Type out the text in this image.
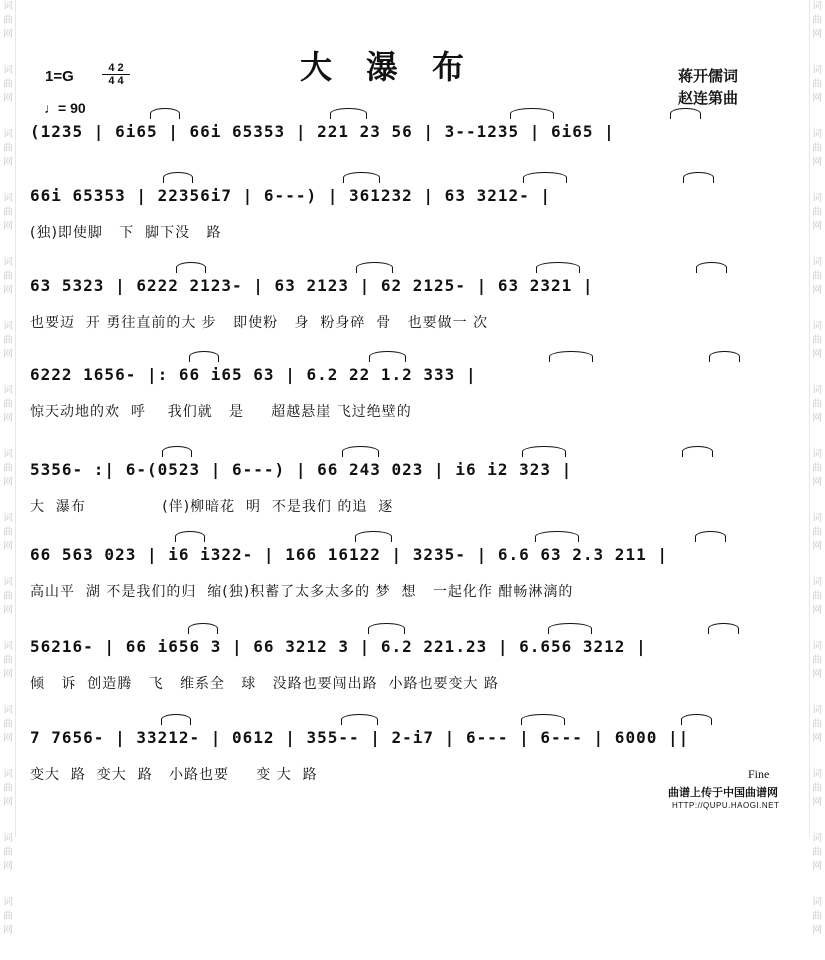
词
曲
网
词
曲
网
词
曲
网
词
曲
网
词
曲
网
词
曲
网
词
曲
网
词
曲
网
词
曲
网
词
曲
网
词
曲
网
词
曲
网
词
曲
网
词
曲
网
词
曲
网
词
曲
网
词
曲
网
词
曲
网
词
曲
网
词
曲
网
词
曲
网
词
曲
网
词
曲
网
词
曲
网
词
曲
网
词
曲
网
词
曲
网
词
曲
网
词
曲
网
词
曲
网
大瀑布
1=G	4 2
4 4
♩= 90
蒋开儒词
赵连第曲
(1235 | 6i65 | 66i 65353 | 221 23 56 | 3--1235 | 6i65 |
66i 65353 | 22356i7 | 6---) | 361232 | 63 3212- |
(独)即使脚   下  脚下没   路
63 5323 | 6222 2123- | 63 2123 | 62 2125- | 63 2321 |
也要迈  开 勇往直前的大 步   即使粉   身  粉身碎  骨   也要做一 次
6222 1656- |: 66 i65 63 | 6.2 22 1.2 333 |
惊天动地的欢  呼    我们就   是     超越悬崖 飞过绝壁的
5356- :| 6-(0523 | 6---) | 66 243 023 | i6 i2 323 |
大  瀑布              (伴)柳暗花  明  不是我们 的追  逐
66 563 023 | i6 i322- | 166 16122 | 3235- | 6.6 63 2.3 211 |
高山平  湖 不是我们的归  缩(独)积蓄了太多太多的 梦  想   一起化作 酣畅淋漓的
56216- | 66 i656 3 | 66 3212 3 | 6.2 221.23 | 6.656 3212 |
倾   诉  创造腾   飞   维系全   球   没路也要闯出路  小路也要变大 路
7 7656- | 33212- | 0612 | 355-- | 2-i7 | 6--- | 6--- | 6000 ||
变大  路  变大  路   小路也要     变 大  路	Fine
曲谱上传于中国曲谱网
HTTP://QUPU.HAOGI.NET
